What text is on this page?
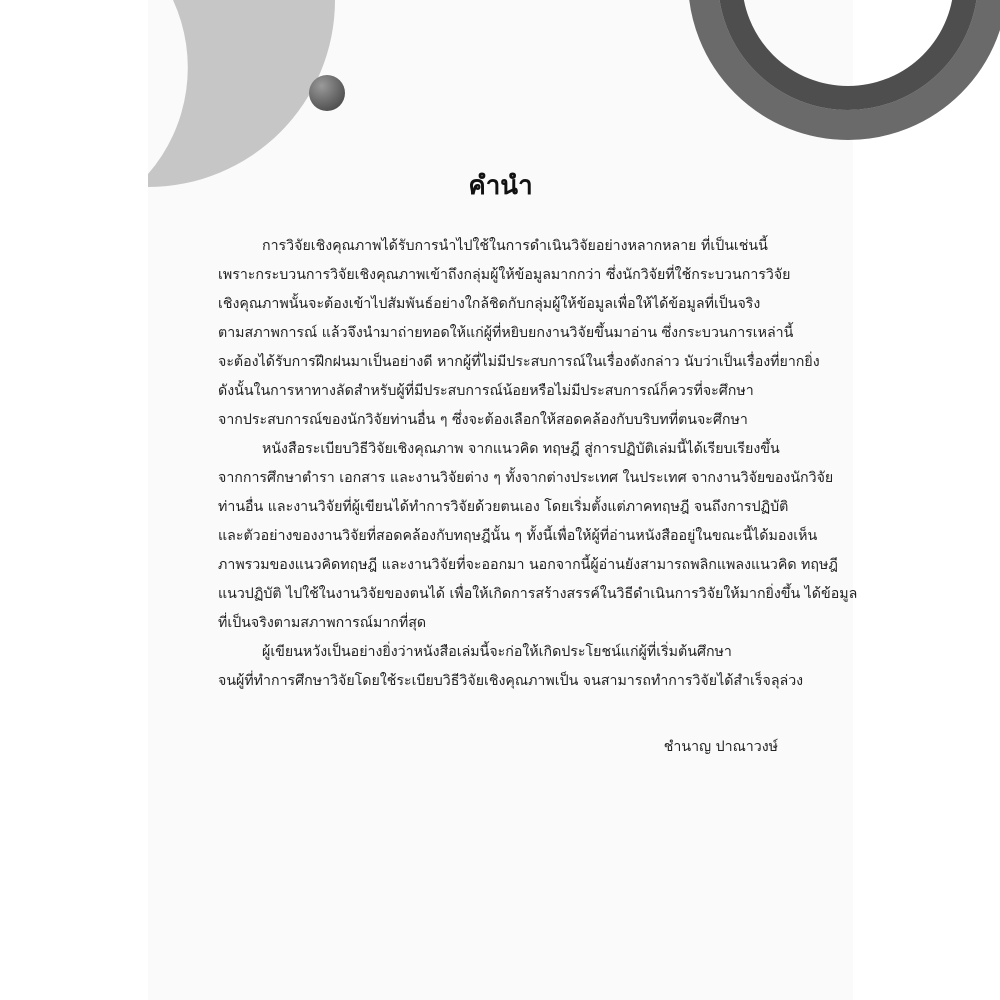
คำนำ
การวิจัยเชิงคุณภาพได้รับการนำไปใช้ในการดำเนินวิจัยอย่างหลากหลาย ที่เป็นเช่นนี้
เพราะกระบวนการวิจัยเชิงคุณภาพเข้าถึงกลุ่มผู้ให้ข้อมูลมากกว่า ซึ่งนักวิจัยที่ใช้กระบวนการวิจัย
เชิงคุณภาพนั้นจะต้องเข้าไปสัมพันธ์อย่างใกล้ชิดกับกลุ่มผู้ให้ข้อมูลเพื่อให้ได้ข้อมูลที่เป็นจริง
ตามสภาพการณ์ แล้วจึงนำมาถ่ายทอดให้แก่ผู้ที่หยิบยกงานวิจัยขึ้นมาอ่าน ซึ่งกระบวนการเหล่านี้
จะต้องได้รับการฝึกฝนมาเป็นอย่างดี หากผู้ที่ไม่มีประสบการณ์ในเรื่องดังกล่าว นับว่าเป็นเรื่องที่ยากยิ่ง
ดังนั้นในการหาทางลัดสำหรับผู้ที่มีประสบการณ์น้อยหรือไม่มีประสบการณ์ก็ควรที่จะศึกษา
จากประสบการณ์ของนักวิจัยท่านอื่น ๆ ซึ่งจะต้องเลือกให้สอดคล้องกับบริบทที่ตนจะศึกษา
หนังสือระเบียบวิธีวิจัยเชิงคุณภาพ จากแนวคิด ทฤษฎี สู่การปฏิบัติเล่มนี้ได้เรียบเรียงขึ้น
จากการศึกษาตำรา เอกสาร และงานวิจัยต่าง ๆ ทั้งจากต่างประเทศ ในประเทศ จากงานวิจัยของนักวิจัย
ท่านอื่น และงานวิจัยที่ผู้เขียนได้ทำการวิจัยด้วยตนเอง โดยเริ่มตั้งแต่ภาคทฤษฎี จนถึงการปฏิบัติ
และตัวอย่างของงานวิจัยที่สอดคล้องกับทฤษฎีนั้น ๆ ทั้งนี้เพื่อให้ผู้ที่อ่านหนังสืออยู่ในขณะนี้ได้มองเห็น
ภาพรวมของแนวคิดทฤษฎี และงานวิจัยที่จะออกมา นอกจากนี้ผู้อ่านยังสามารถพลิกแพลงแนวคิด ทฤษฎี
แนวปฏิบัติ ไปใช้ในงานวิจัยของตนได้ เพื่อให้เกิดการสร้างสรรค์ในวิธีดำเนินการวิจัยให้มากยิ่งขึ้น ได้ข้อมูล
ที่เป็นจริงตามสภาพการณ์มากที่สุด
ผู้เขียนหวังเป็นอย่างยิ่งว่าหนังสือเล่มนี้จะก่อให้เกิดประโยชน์แก่ผู้ที่เริ่มต้นศึกษา
จนผู้ที่ทำการศึกษาวิจัยโดยใช้ระเบียบวิธีวิจัยเชิงคุณภาพเป็น จนสามารถทำการวิจัยได้สำเร็จลุล่วง
ชำนาญ ปาณาวงษ์
